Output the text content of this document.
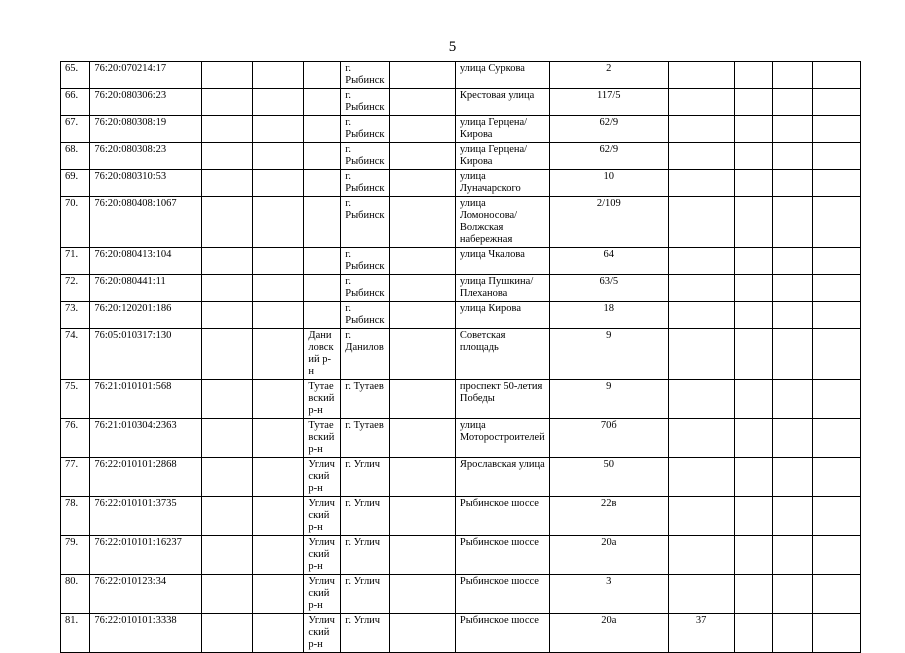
5
65.	76:20:070214:17				г. Рыбинск		улица Суркова	2				
66.	76:20:080306:23				г. Рыбинск		Крестовая улица	117/5				
67.	76:20:080308:19				г. Рыбинск		улица Герцена/Кирова	62/9				
68.	76:20:080308:23				г. Рыбинск		улица Герцена/Кирова	62/9				
69.	76:20:080310:53				г. Рыбинск		улица Луначарского	10				
70.	76:20:080408:1067				г. Рыбинск		улица Ломоносова/Волжская набережная	2/109				
71.	76:20:080413:104				г. Рыбинск		улица Чкалова	64				
72.	76:20:080441:11				г. Рыбинск		улица Пушкина/Плеханова	63/5				
73.	76:20:120201:186				г. Рыбинск		улица Кирова	18				
74.	76:05:010317:130			Даниловский р-н	г. Данилов		Советская площадь	9				
75.	76:21:010101:568			Тутаевский р-н	г. Тутаев		проспект 50-летия Победы	9				
76.	76:21:010304:2363			Тутаевский р-н	г. Тутаев		улица Моторостроителей	70б				
77.	76:22:010101:2868			Угличский р-н	г. Углич		Ярославская улица	50				
78.	76:22:010101:3735			Угличский р-н	г. Углич		Рыбинское шоссе	22в				
79.	76:22:010101:16237			Угличский р-н	г. Углич		Рыбинское шоссе	20а				
80.	76:22:010123:34			Угличский р-н	г. Углич		Рыбинское шоссе	3				
81.	76:22:010101:3338			Угличский р-н	г. Углич		Рыбинское шоссе	20а	37			
